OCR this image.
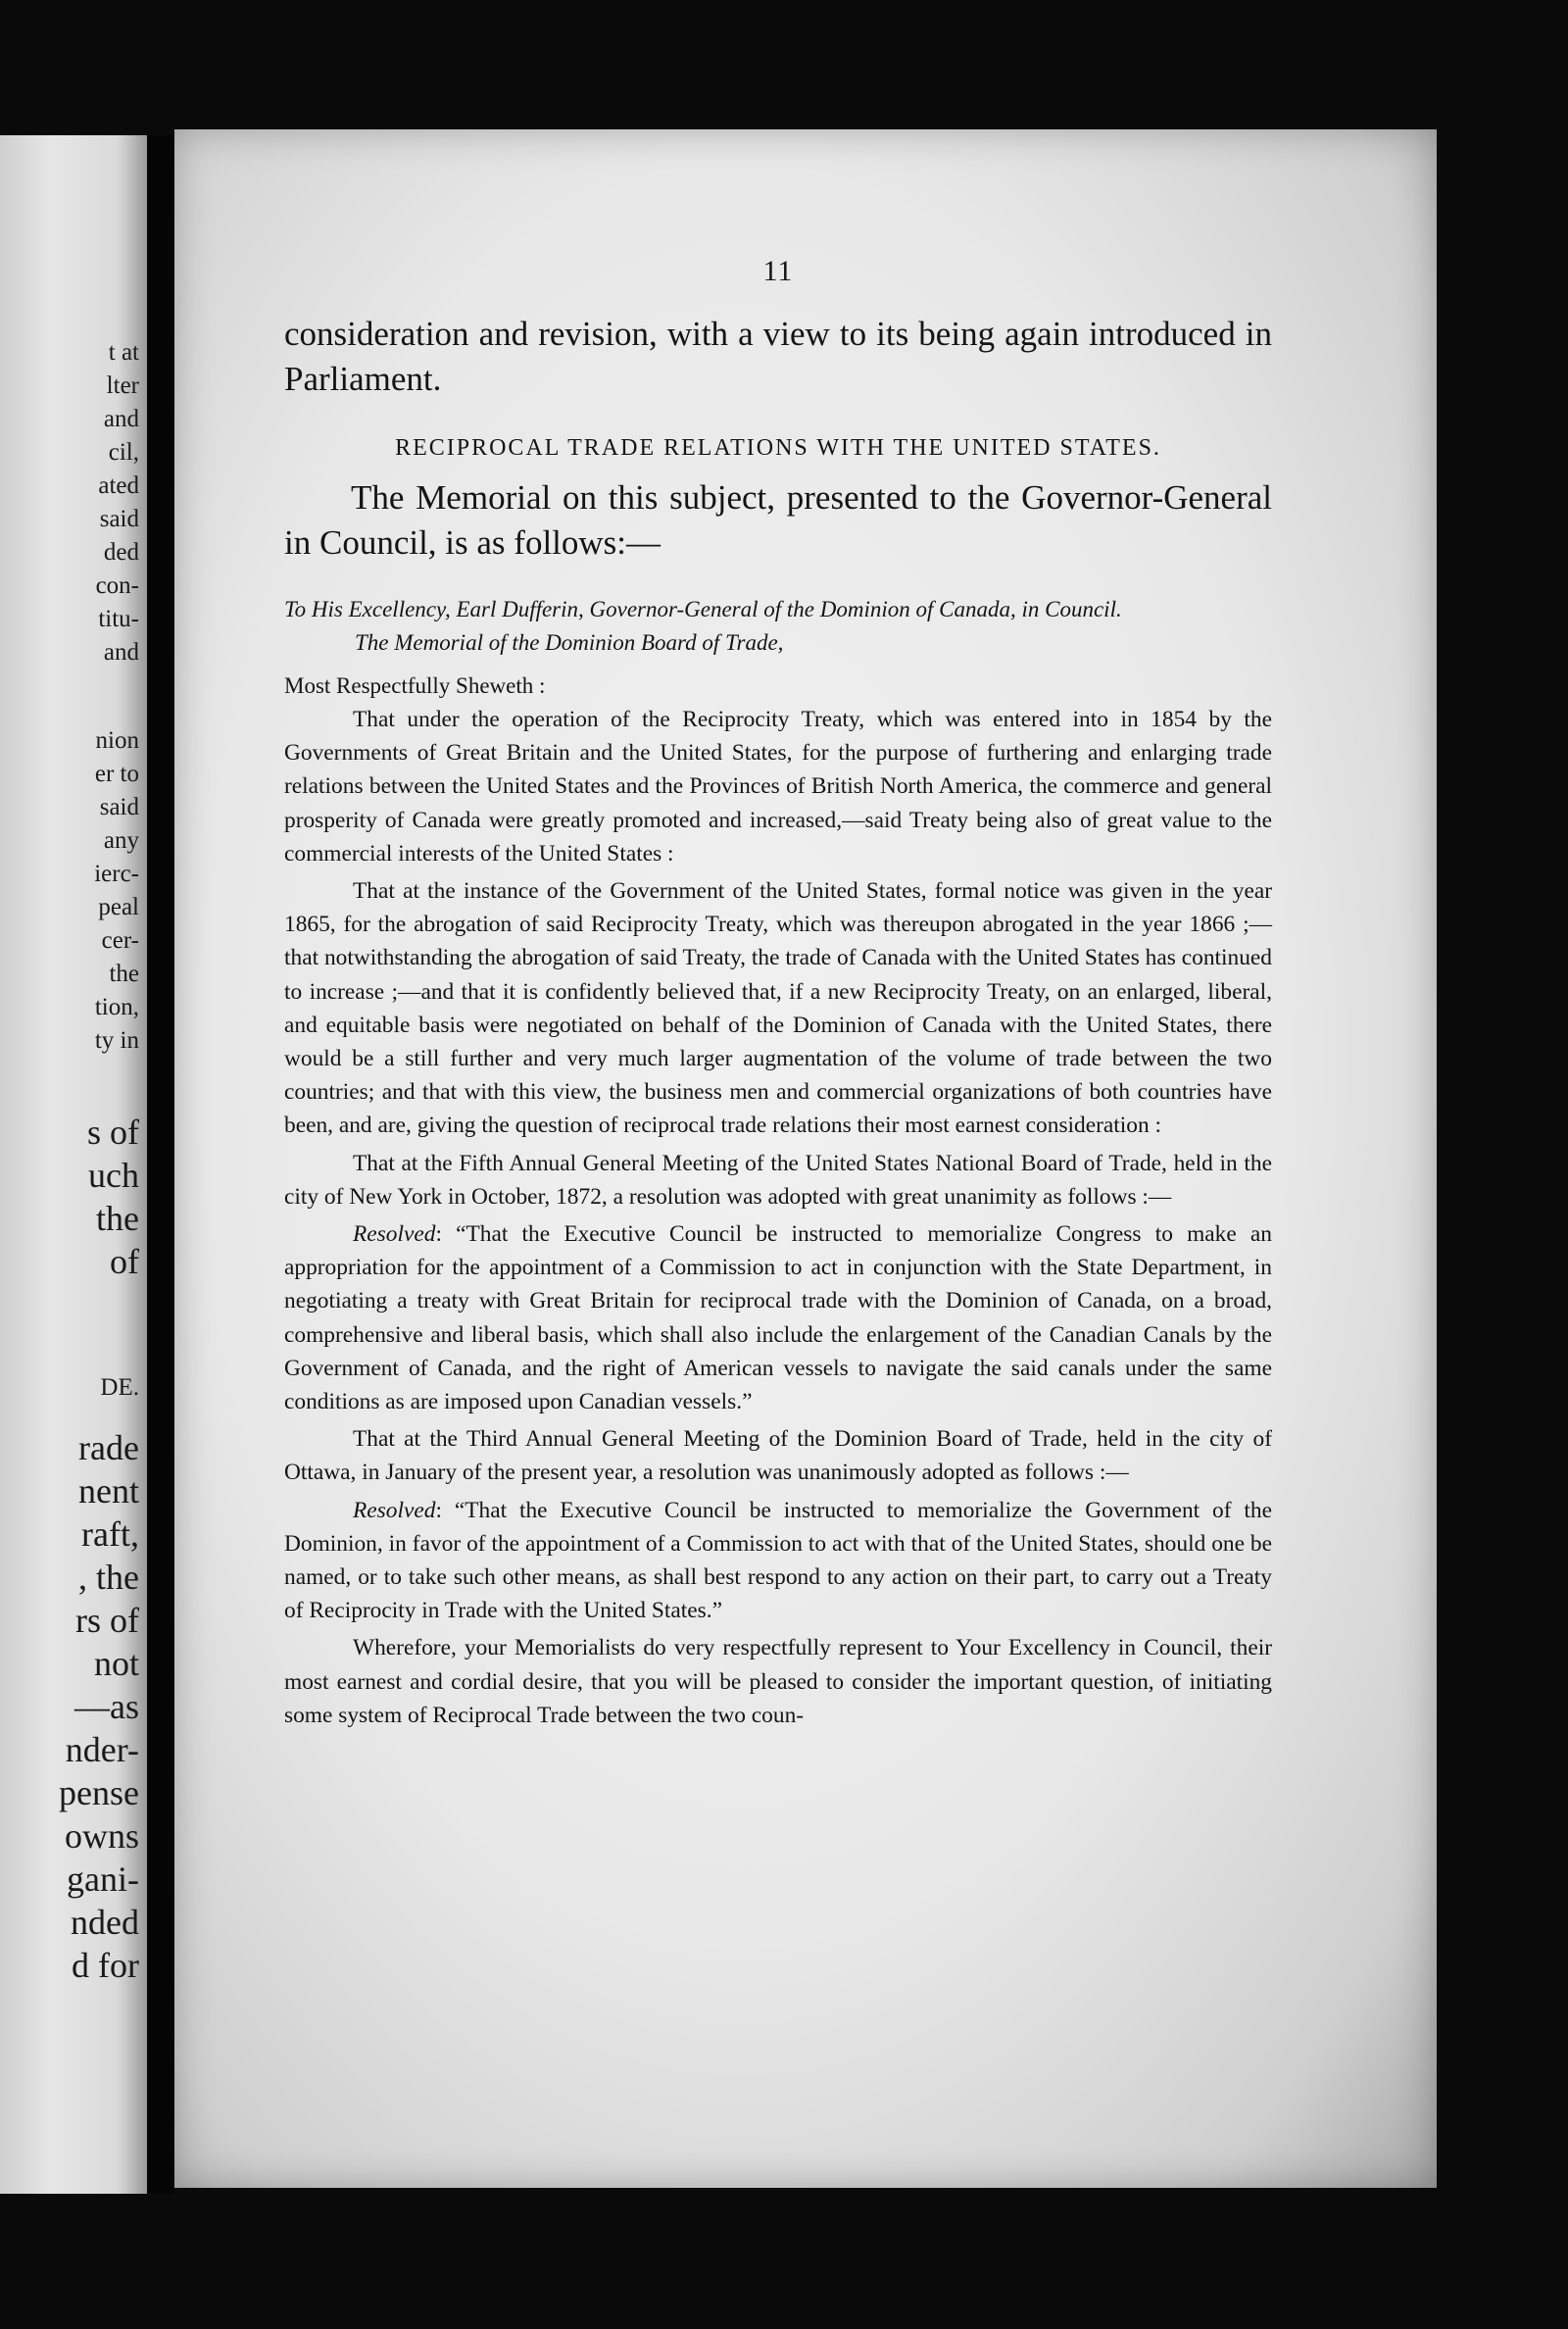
t at
lter
and
cil,
ated
said
ded
con-
titu-
and
nion
er to
said
any
ierc-
peal
cer-
the
tion,
ty in
s of
uch
the
of
DE.
rade
nent
raft,
, the
rs of
not
—as
nder-
pense
owns
gani-
nded
d for
11

consideration and revision, with a view to its being again introduced in Parliament.

RECIPROCAL TRADE RELATIONS WITH THE UNITED STATES.

The Memorial on this subject, presented to the Governor-General in Council, is as follows:—

To His Excellency, Earl Dufferin, Governor-General of the Dominion of Canada, in Council.
The Memorial of the Dominion Board of Trade,
Most Respectfully Sheweth :

That under the operation of the Reciprocity Treaty, which was entered into in 1854 by the Governments of Great Britain and the United States, for the purpose of furthering and enlarging trade relations between the United States and the Provinces of British North America, the commerce and general prosperity of Canada were greatly promoted and increased,—said Treaty being also of great value to the commercial interests of the United States :

That at the instance of the Government of the United States, formal notice was given in the year 1865, for the abrogation of said Reciprocity Treaty, which was thereupon abrogated in the year 1866 ;—that notwithstanding the abrogation of said Treaty, the trade of Canada with the United States has continued to increase ;—and that it is confidently believed that, if a new Reciprocity Treaty, on an enlarged, liberal, and equitable basis were negotiated on behalf of the Dominion of Canada with the United States, there would be a still further and very much larger augmentation of the volume of trade between the two countries; and that with this view, the business men and commercial organizations of both countries have been, and are, giving the question of reciprocal trade relations their most earnest consideration :

That at the Fifth Annual General Meeting of the United States National Board of Trade, held in the city of New York in October, 1872, a resolution was adopted with great unanimity as follows :—

Resolved: “That the Executive Council be instructed to memorialize Congress to make an appropriation for the appointment of a Commission to act in conjunction with the State Department, in negotiating a treaty with Great Britain for reciprocal trade with the Dominion of Canada, on a broad, comprehensive and liberal basis, which shall also include the enlargement of the Canadian Canals by the Government of Canada, and the right of American vessels to navigate the said canals under the same conditions as are imposed upon Canadian vessels.”

That at the Third Annual General Meeting of the Dominion Board of Trade, held in the city of Ottawa, in January of the present year, a resolution was unanimously adopted as follows :—

Resolved: “That the Executive Council be instructed to memorialize the Government of the Dominion, in favor of the appointment of a Commission to act with that of the United States, should one be named, or to take such other means, as shall best respond to any action on their part, to carry out a Treaty of Reciprocity in Trade with the United States.”

Wherefore, your Memorialists do very respectfully represent to Your Excellency in Council, their most earnest and cordial desire, that you will be pleased to consider the important question, of initiating some system of Reciprocal Trade between the two coun-
